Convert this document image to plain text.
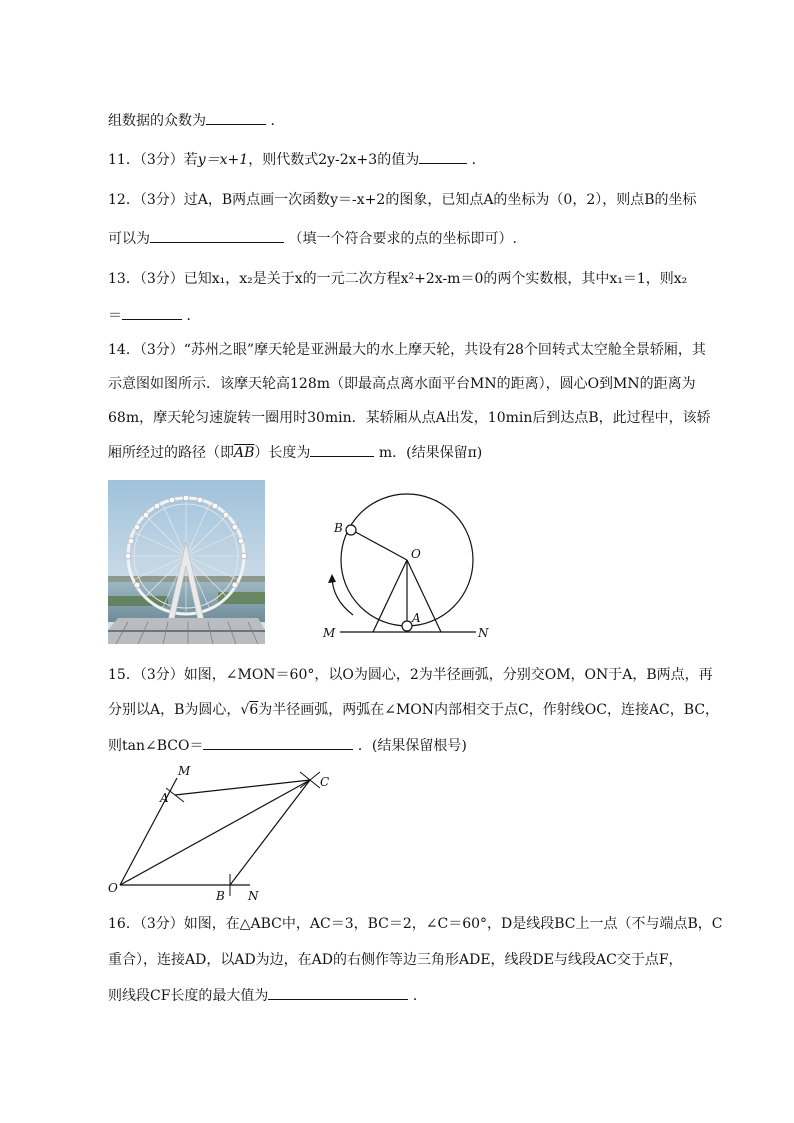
组数据的众数为	．
11．（3分）若y＝x+1，则代数式2y-2x+3的值为	．
12．（3分）过A，B两点画一次函数y＝-x+2的图象，已知点A的坐标为（0，2），则点B的坐标
可以为	（填一个符合要求的点的坐标即可）.
13．（3分）已知x₁，x₂是关于x的一元二次方程x²+2x-m＝0的两个实数根，其中x₁＝1，则x₂
＝	．
14．（3分）“苏州之眼”摩天轮是亚洲最大的水上摩天轮，共设有28个回转式太空舱全景轿厢，其
示意图如图所示．该摩天轮高128m（即最高点离水面平台MN的距离），圆心O到MN的距离为
68m，摩天轮匀速旋转一圈用时30min．某轿厢从点A出发，10min后到达点B，此过程中，该轿
厢所经过的路径（即$\overline{AB}$）长度为	m．(结果保留π)
B
O
A
M	N
15．（3分）如图，∠MON＝60°，以O为圆心，2为半径画弧，分别交OM，ON于A，B两点，再
分别以A，B为圆心，√6为半径画弧，两弧在∠MON内部相交于点C，作射线OC，连接AC，BC，
则tan∠BCO＝	．(结果保留根号)
M
A
C
O
B N
16．（3分）如图，在△ABC中，AC＝3，BC＝2，∠C＝60°，D是线段BC上一点（不与端点B，C
重合），连接AD，以AD为边，在AD的右侧作等边三角形ADE，线段DE与线段AC交于点F，
则线段CF长度的最大值为	．
